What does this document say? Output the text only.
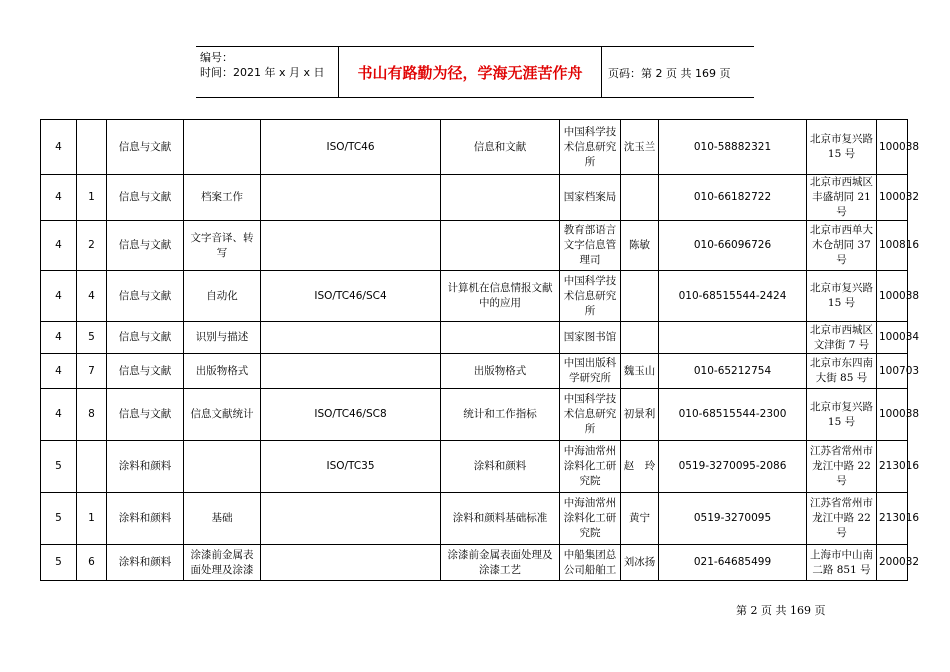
编号：
时间：2021 年 x 月 x 日	书山有路勤为径，学海无涯苦作舟	页码：第 2 页 共 169 页
4		信息与文献		ISO/TC46	信息和文献	中国科学技术信息研究所	沈玉兰	010-58882321	北京市复兴路15 号	100038
4	1	信息与文献	档案工作			国家档案局		010-66182722	北京市西城区丰盛胡同 21 号	100032
4	2	信息与文献	文字音译、转写			教育部语言文字信息管理司	陈敏	010-66096726	北京市西单大木仓胡同 37 号	100816
4	4	信息与文献	自动化	ISO/TC46/SC4	计算机在信息情报文献中的应用	中国科学技术信息研究所		010-68515544-2424	北京市复兴路15 号	100038
4	5	信息与文献	识别与描述			国家图书馆			北京市西城区文津街 7 号	100034
4	7	信息与文献	出版物格式		出版物格式	中国出版科学研究所	魏玉山	010-65212754	北京市东四南大街 85 号	100703
4	8	信息与文献	信息文献统计	ISO/TC46/SC8	统计和工作指标	中国科学技术信息研究所	初景利	010-68515544-2300	北京市复兴路15 号	100038
5		涂料和颜料		ISO/TC35	涂料和颜料	中海油常州涂料化工研究院	赵　玲	0519-3270095-2086	江苏省常州市龙江中路 22 号	213016
5	1	涂料和颜料	基础		涂料和颜料基础标准	中海油常州涂料化工研究院	黄宁	0519-3270095	江苏省常州市龙江中路 22 号	213016
5	6	涂料和颜料	涂漆前金属表面处理及涂漆		涂漆前金属表面处理及涂漆工艺	中船集团总公司船舶工	刘冰扬	021-64685499	上海市中山南二路 851 号	200032
第 2 页 共 169 页
